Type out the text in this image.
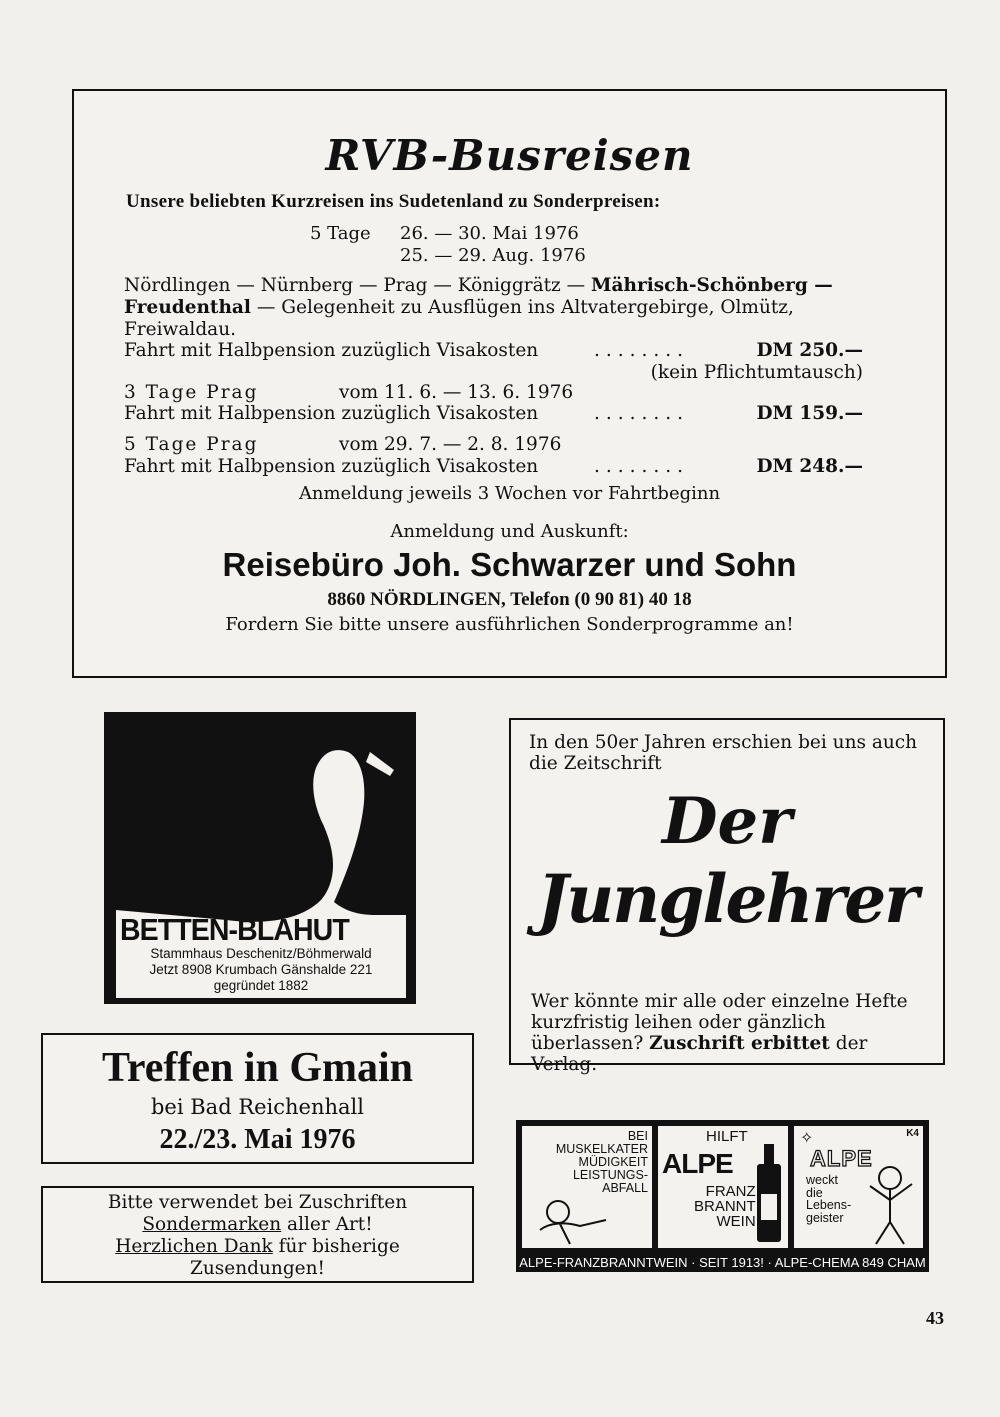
RVB-Busreisen
Unsere beliebten Kurzreisen ins Sudetenland zu Sonderpreisen:
5 Tage 26. — 30. Mai 1976
25. — 29. Aug. 1976
Nördlingen — Nürnberg — Prag — Königgrätz — Mährisch-Schönberg —
Freudenthal — Gelegenheit zu Ausflügen ins Altvatergebirge, Olmütz,
Freiwaldau.
Fahrt mit Halbpension zuzüglich Visakosten	........	DM 250.—
(kein Pflichtumtausch)
3 Tage Prag	vom 11. 6. — 13. 6. 1976
Fahrt mit Halbpension zuzüglich Visakosten	........	DM 159.—
5 Tage Prag	vom 29. 7. — 2. 8. 1976
Fahrt mit Halbpension zuzüglich Visakosten	........	DM 248.—
Anmeldung jeweils 3 Wochen vor Fahrtbeginn
Anmeldung und Auskunft:
Reisebüro Joh. Schwarzer und Sohn
8860 NÖRDLINGEN, Telefon (0 90 81) 40 18
Fordern Sie bitte unsere ausführlichen Sonderprogramme an!
Fertige Betten,
Bettfedern (auch
handgeschlissen)
Karo-Step-Flachbetten,
Bettwäsche, Inlette, Woll-
Anti-Rheuma + Daunen-
decken. Umfassendes
Angebot, auch Muster
kostenlos. Schreiben Sie
noch heute eine Karte an
BETTEN-BLAHUT
Stammhaus Deschenitz/Böhmerwald
Jetzt 8908 Krumbach Gänshalde 221
gegründet 1882
In den 50er Jahren erschien bei uns auch die Zeitschrift
Der
Junglehrer
Wer könnte mir alle oder einzelne Hefte kurzfristig leihen oder gänzlich überlassen? Zuschrift erbittet der Verlag.
Treffen in Gmain
bei Bad Reichenhall
22./23. Mai 1976
Bitte verwendet bei Zuschriften
Sondermarken aller Art!
Herzlichen Dank für bisherige
Zusendungen!
BEI
MUSKELKATER
MÜDIGKEIT
LEISTUNGS-
ABFALL
HILFT
ALPE
FRANZ
BRANNT
WEIN
✧	K4
ALPE
weckt
die
Lebens-
geister
ALPE-FRANZBRANNTWEIN · SEIT 1913! · ALPE-CHEMA 849 CHAM
43
